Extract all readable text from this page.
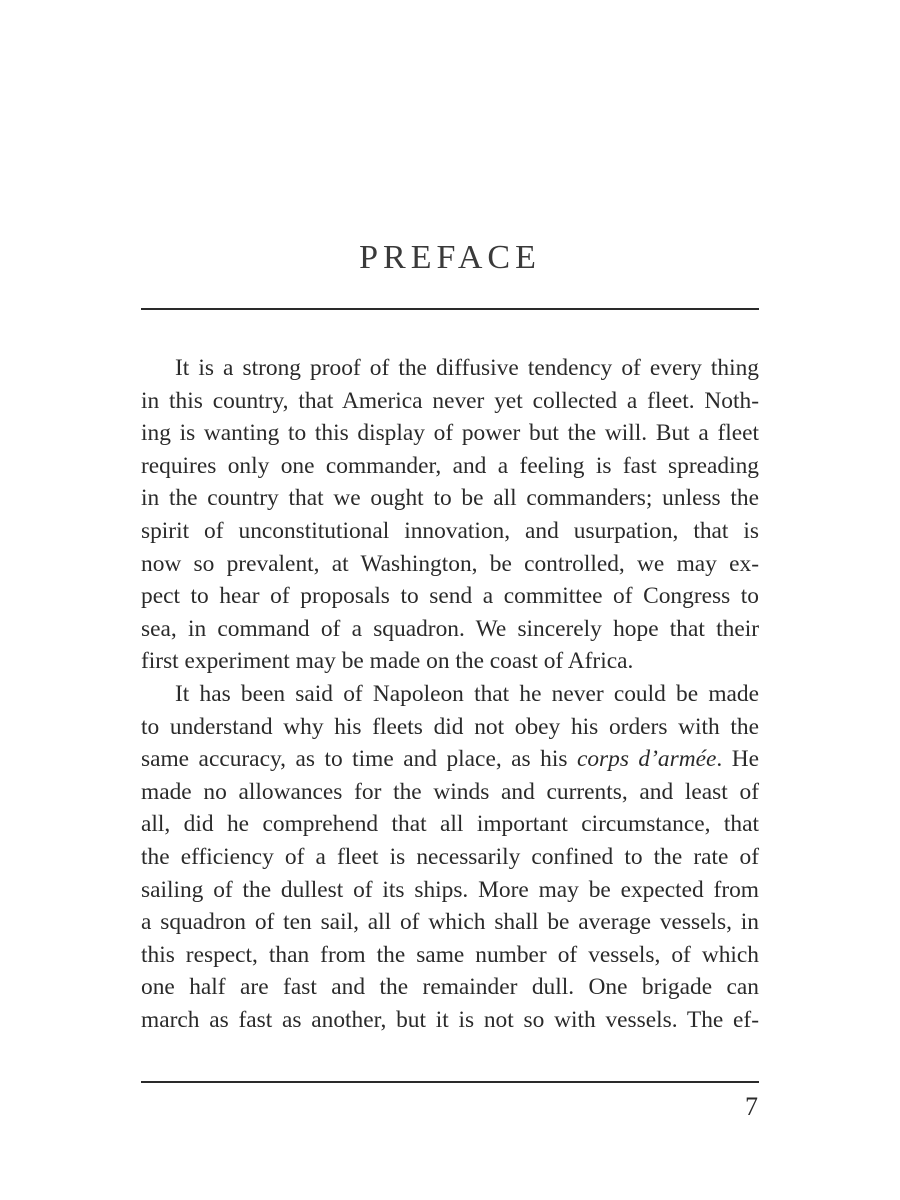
PREFACE
It is a strong proof of the diffusive tendency of every thing
in this country, that America never yet collected a fleet. Noth-
ing is wanting to this display of power but the will. But a fleet
requires only one commander, and a feeling is fast spreading
in the country that we ought to be all commanders; unless the
spirit of unconstitutional innovation, and usurpation, that is
now so prevalent, at Washington, be controlled, we may ex-
pect to hear of proposals to send a committee of Congress to
sea, in command of a squadron. We sincerely hope that their
first experiment may be made on the coast of Africa.
It has been said of Napoleon that he never could be made
to understand why his fleets did not obey his orders with the
same accuracy, as to time and place, as his corps d’armée. He
made no allowances for the winds and currents, and least of
all, did he comprehend that all important circumstance, that
the efficiency of a fleet is necessarily confined to the rate of
sailing of the dullest of its ships. More may be expected from
a squadron of ten sail, all of which shall be average vessels, in
this respect, than from the same number of vessels, of which
one half are fast and the remainder dull. One brigade can
march as fast as another, but it is not so with vessels. The ef-
7
